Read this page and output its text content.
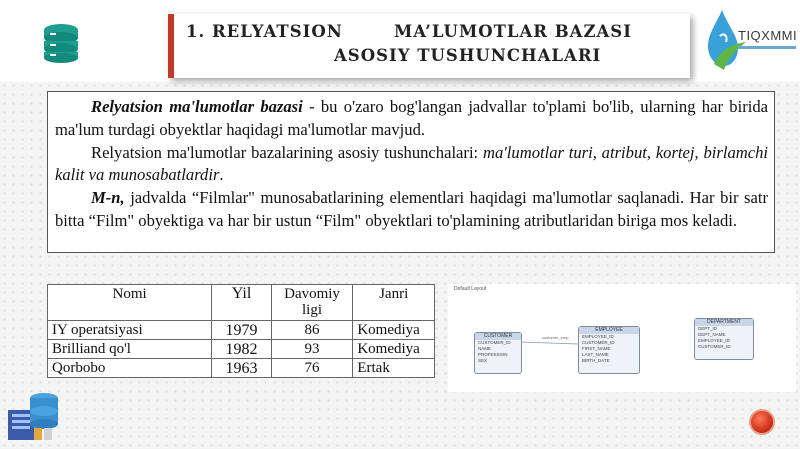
1. RELYATSION	MA’LUMOTLAR BAZASI
ASOSIY TUSHUNCHALARI
TIQXMMI

Relyatsion ma'lumotlar bazasi - bu o'zaro bog'langan jadvallar to'plami bo'lib, ularning har birida ma'lum turdagi obyektlar haqidagi ma'lumotlar mavjud.

Relyatsion ma'lumotlar bazalarining asosiy tushunchalari: ma'lumotlar turi, atribut, kortej, birlamchi kalit va munosabatlardir.

M-n, jadvalda “Filmlar" munosabatlarining elementlari haqidagi ma'lumotlar saqlanadi. Har bir satr bitta “Film" obyektiga va har bir ustun “Film" obyektlari to'plamining atributlaridan biriga mos keladi.

Nomi	Yil	Davomiy ligi	Janri
IY operatsiyasi	1979	86	Komediya
Brilliand qo'l	1982	93	Komediya
Qorbobo	1963	76	Ertak
Default Layout
customer_emp
CUSTOMER
CUSTOMER_ID
NAME
PROFESSION
SEX
EMPLOYEE
EMPLOYEE_ID
CUSTOMER_ID
FIRST_NAME
LAST_NAME
BIRTH_DATE
DEPARTMENT
DEPT_ID
DEPT_NAME
EMPLOYEE_ID
CUSTOMER_ID
